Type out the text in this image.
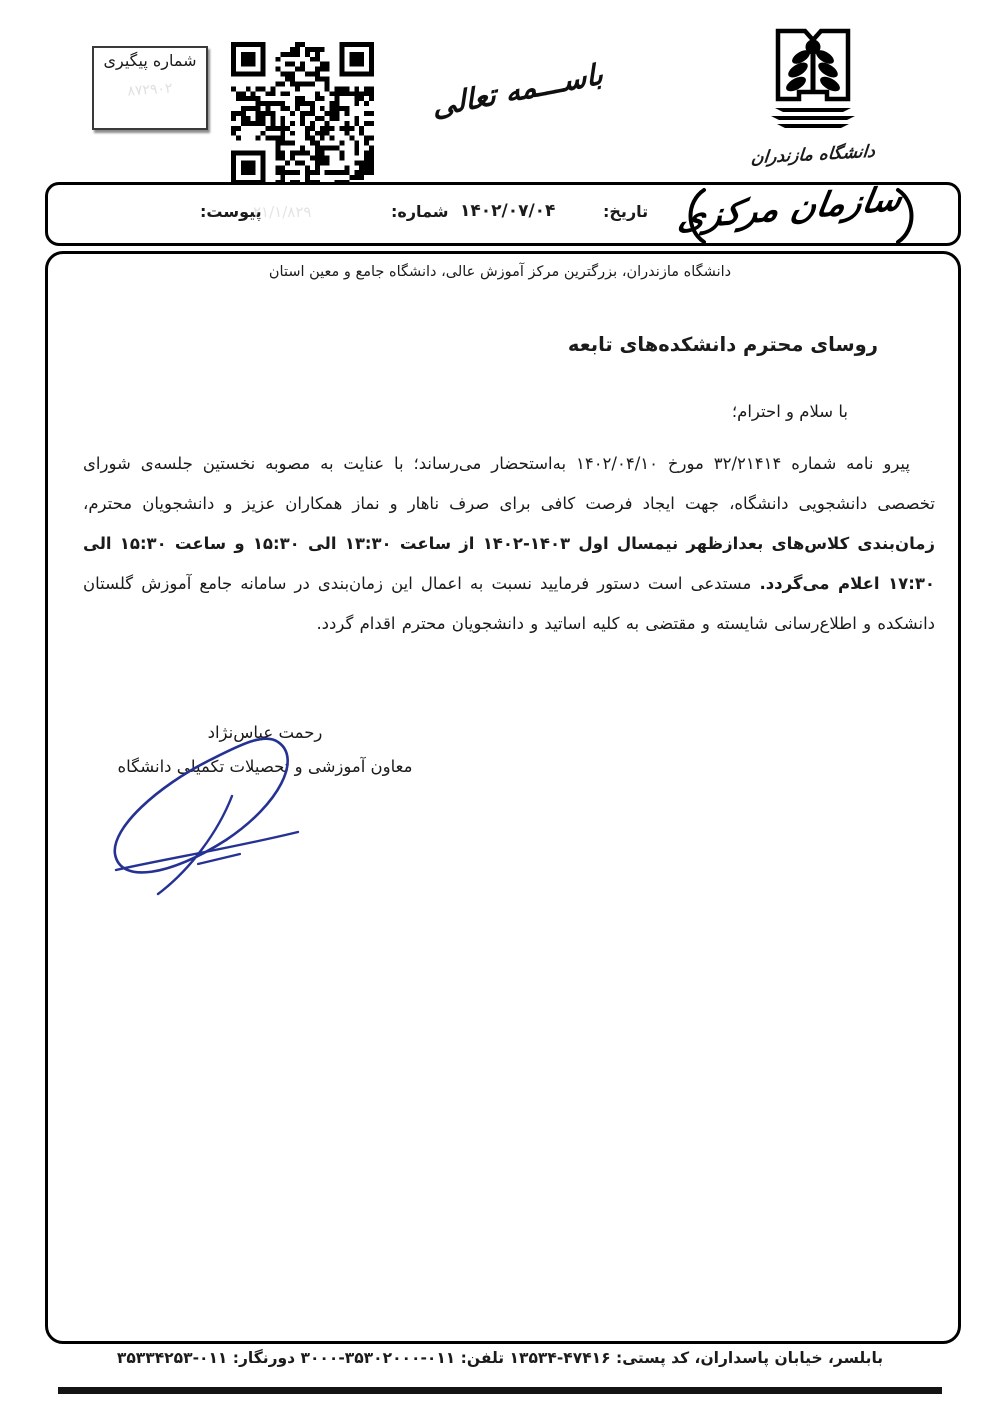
شماره پیگیری
۸۷۲۹۰۲	باســـمه تعالی
دانشگاه مازندران
پیوست:
۲۱/۱/۸۲۹	شماره: ۱۴۰۲/۰۷/۰۴	تاریخ: سازمان مرکزی
دانشگاه مازندران، بزرگترین مرکز آموزش عالی، دانشگاه جامع و معین استان
روسای محترم دانشکده‌های تابعه
با سلام و احترام؛
پیرو نامه شماره ۳۲/۲۱۴۱۴ مورخ ۱۴۰۲/۰۴/۱۰ به‌استحضار می‌رساند؛ با عنایت به مصوبه نخستین جلسه‌ی شورای تخصصی دانشجویی دانشگاه، جهت ایجاد فرصت کافی برای صرف ناهار و نماز همکاران عزیز و دانشجویان محترم، زمان‌بندی کلاس‌های بعدازظهر نیمسال اول ۱۴۰۳-۱۴۰۲ از ساعت ۱۳:۳۰ الی ۱۵:۳۰ و ساعت ۱۵:۳۰ الی ۱۷:۳۰ اعلام می‌گردد. مستدعی است دستور فرمایید نسبت به اعمال این زمان‌بندی در سامانه جامع آموزش گلستان دانشکده و اطلاع‌رسانی شایسته و مقتضی به کلیه اساتید و دانشجویان محترم اقدام گردد.
رحمت عباس‌نژاد
معاون آموزشی و تحصیلات تکمیلی دانشگاه
بابلسر، خیابان پاسداران، کد پستی: ۴۷۴۱۶-۱۳۵۳۴ تلفن: ۰۱۱-۳۵۳۰۲۰۰۰-۳۰۰۰ دورنگار: ۰۱۱-۳۵۳۳۴۲۵۳
